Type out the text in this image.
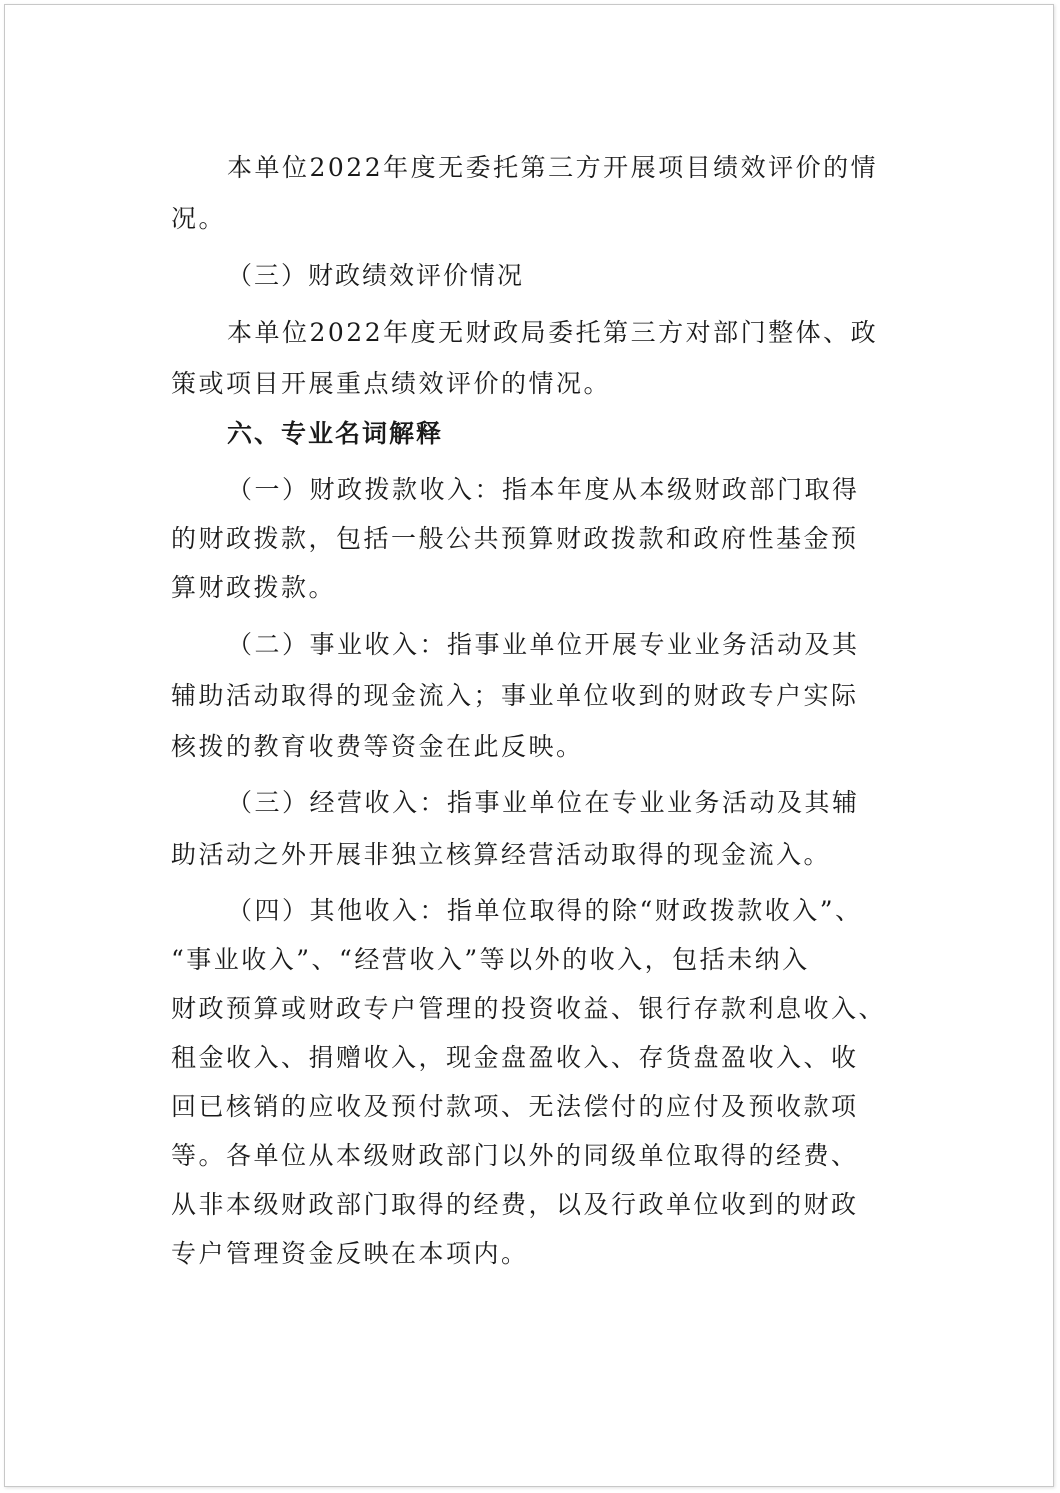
本单位2022年度无委托第三方开展项目绩效评价的情
况。
（三）财政绩效评价情况
本单位2022年度无财政局委托第三方对部门整体、政
策或项目开展重点绩效评价的情况。
六、专业名词解释
（一）财政拨款收入：指本年度从本级财政部门取得
的财政拨款，包括一般公共预算财政拨款和政府性基金预
算财政拨款。
（二）事业收入：指事业单位开展专业业务活动及其
辅助活动取得的现金流入；事业单位收到的财政专户实际
核拨的教育收费等资金在此反映。
（三）经营收入：指事业单位在专业业务活动及其辅
助活动之外开展非独立核算经营活动取得的现金流入。
（四）其他收入：指单位取得的除“财政拨款收入”、
“事业收入”、“经营收入”等以外的收入，包括未纳入
财政预算或财政专户管理的投资收益、银行存款利息收入、
租金收入、捐赠收入，现金盘盈收入、存货盘盈收入、收
回已核销的应收及预付款项、无法偿付的应付及预收款项
等。各单位从本级财政部门以外的同级单位取得的经费、
从非本级财政部门取得的经费，以及行政单位收到的财政
专户管理资金反映在本项内。
